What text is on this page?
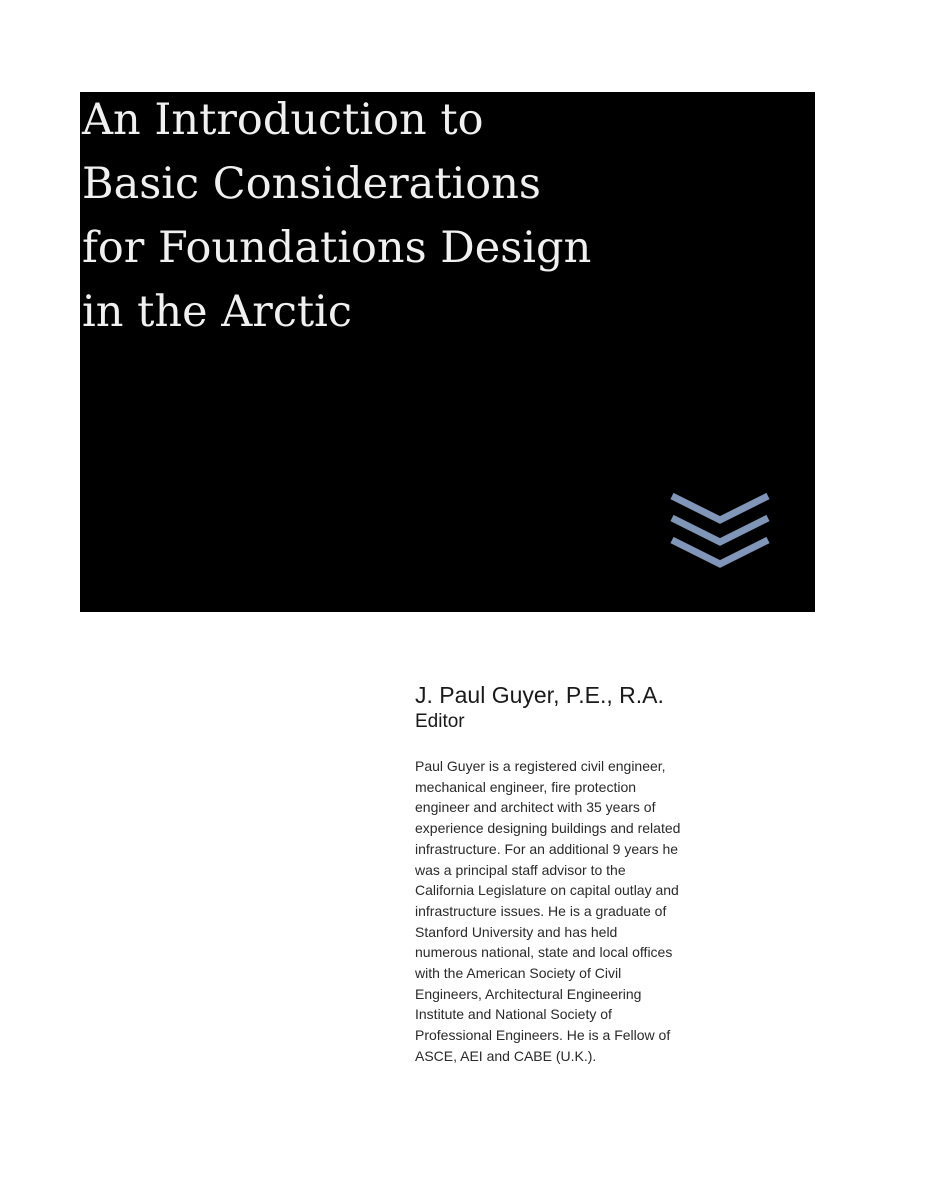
An Introduction to
Basic Considerations
for Foundations Design
in the Arctic
J. Paul Guyer, P.E., R.A.
Editor
Paul Guyer is a registered civil engineer,
mechanical engineer, fire protection
engineer and architect with 35 years of
experience designing buildings and related
infrastructure. For an additional 9 years he
was a principal staff advisor to the
California Legislature on capital outlay and
infrastructure issues. He is a graduate of
Stanford University and has held
numerous national, state and local offices
with the American Society of Civil
Engineers, Architectural Engineering
Institute and National Society of
Professional Engineers. He is a Fellow of
ASCE, AEI and CABE (U.K.).
